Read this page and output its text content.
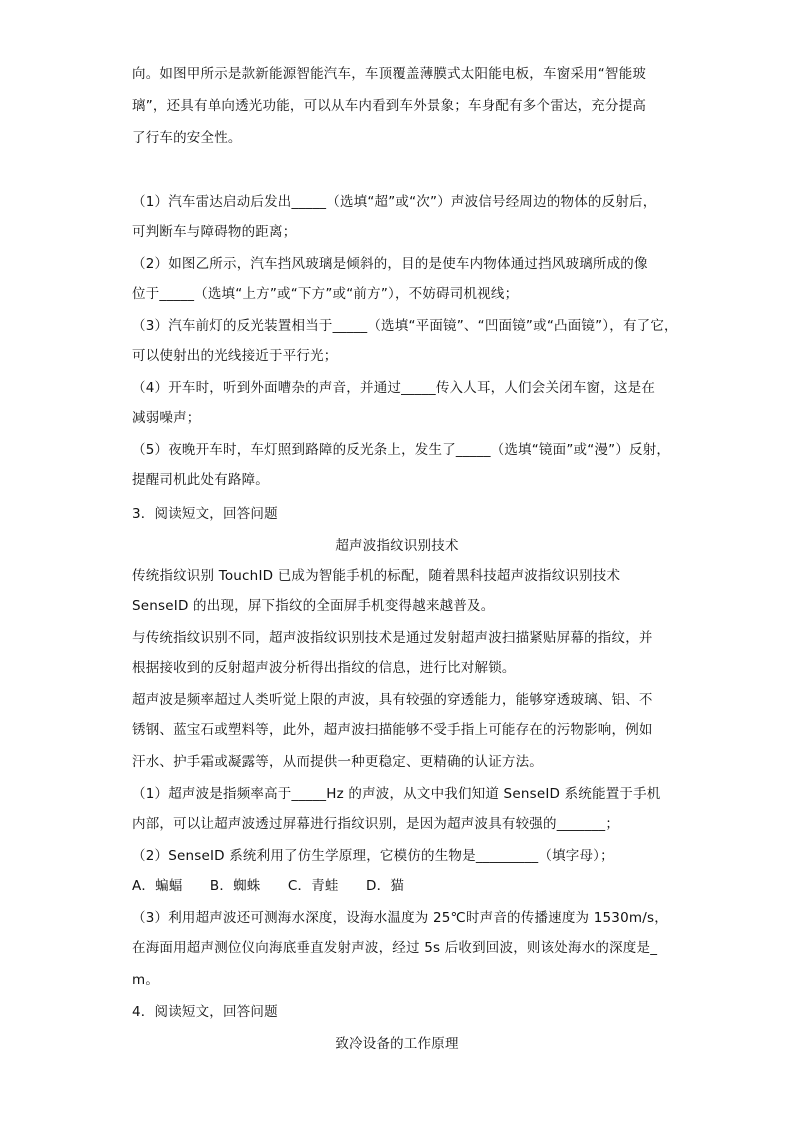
向。如图甲所示是款新能源智能汽车，车顶覆盖薄膜式太阳能电板，车窗采用“智能玻
璃”，还具有单向透光功能，可以从车内看到车外景象；车身配有多个雷达，充分提高
了行车的安全性。
（1）汽车雷达启动后发出_____（选填“超”或“次”）声波信号经周边的物体的反射后，
可判断车与障碍物的距离；
（2）如图乙所示，汽车挡风玻璃是倾斜的，目的是使车内物体通过挡风玻璃所成的像
位于_____（选填“上方”或“下方”或“前方”），不妨碍司机视线；
（3）汽车前灯的反光装置相当于_____（选填“平面镜”、“凹面镜”或“凸面镜”），有了它，
可以使射出的光线接近于平行光；
（4）开车时，听到外面嘈杂的声音，并通过_____传入人耳，人们会关闭车窗，这是在
减弱噪声；
（5）夜晚开车时，车灯照到路障的反光条上，发生了_____（选填“镜面”或“漫”）反射，
提醒司机此处有路障。
3．阅读短文，回答问题
超声波指纹识别技术
传统指纹识别 TouchID 已成为智能手机的标配，随着黑科技超声波指纹识别技术
SenseID 的出现，屏下指纹的全面屏手机变得越来越普及。
与传统指纹识别不同，超声波指纹识别技术是通过发射超声波扫描紧贴屏幕的指纹，并
根据接收到的反射超声波分析得出指纹的信息，进行比对解锁。
超声波是频率超过人类听觉上限的声波，具有较强的穿透能力，能够穿透玻璃、铝、不
锈钢、蓝宝石或塑料等，此外，超声波扫描能够不受手指上可能存在的污物影响，例如
汗水、护手霜或凝露等，从而提供一种更稳定、更精确的认证方法。
（1）超声波是指频率高于_____Hz 的声波，从文中我们知道 SenseID 系统能置于手机
内部，可以让超声波透过屏幕进行指纹识别，是因为超声波具有较强的_______；
（2）SenseID 系统利用了仿生学原理，它模仿的生物是_________（填字母）；
A．蝙蝠　　B．蜘蛛　　C．青蛙　　D．猫
（3）利用超声波还可测海水深度，设海水温度为 25℃时声音的传播速度为 1530m/s，
在海面用超声测位仪向海底垂直发射声波，经过 5s 后收到回波，则该处海水的深度是_
m。
4．阅读短文，回答问题
致冷设备的工作原理
